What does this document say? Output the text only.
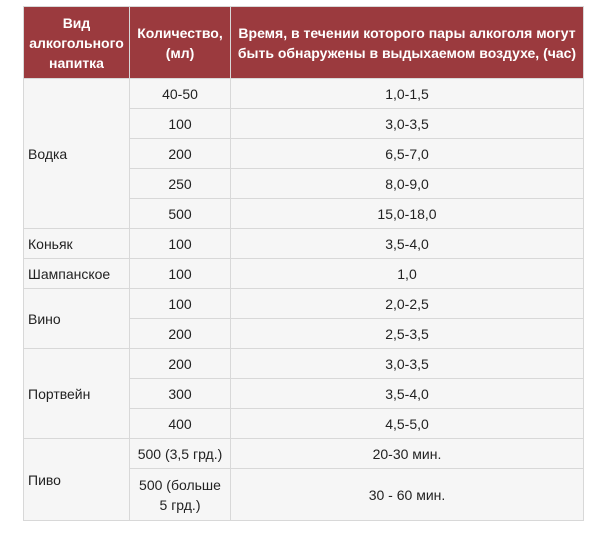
Вид алкогольного напитка	Количество, (мл)	Время, в течении которого пары алкоголя могут быть обнаружены в выдыхаемом воздухе, (час)
Водка	40-50	1,0-1,5
	100	3,0-3,5
	200	6,5-7,0
	250	8,0-9,0
	500	15,0-18,0
Коньяк	100	3,5-4,0
Шампанское	100	1,0
Вино	100	2,0-2,5
	200	2,5-3,5
Портвейн	200	3,0-3,5
	300	3,5-4,0
	400	4,5-5,0
Пиво	500 (3,5 грд.)	20-30 мин.
	500 (больше 5 грд.)	30 - 60 мин.
